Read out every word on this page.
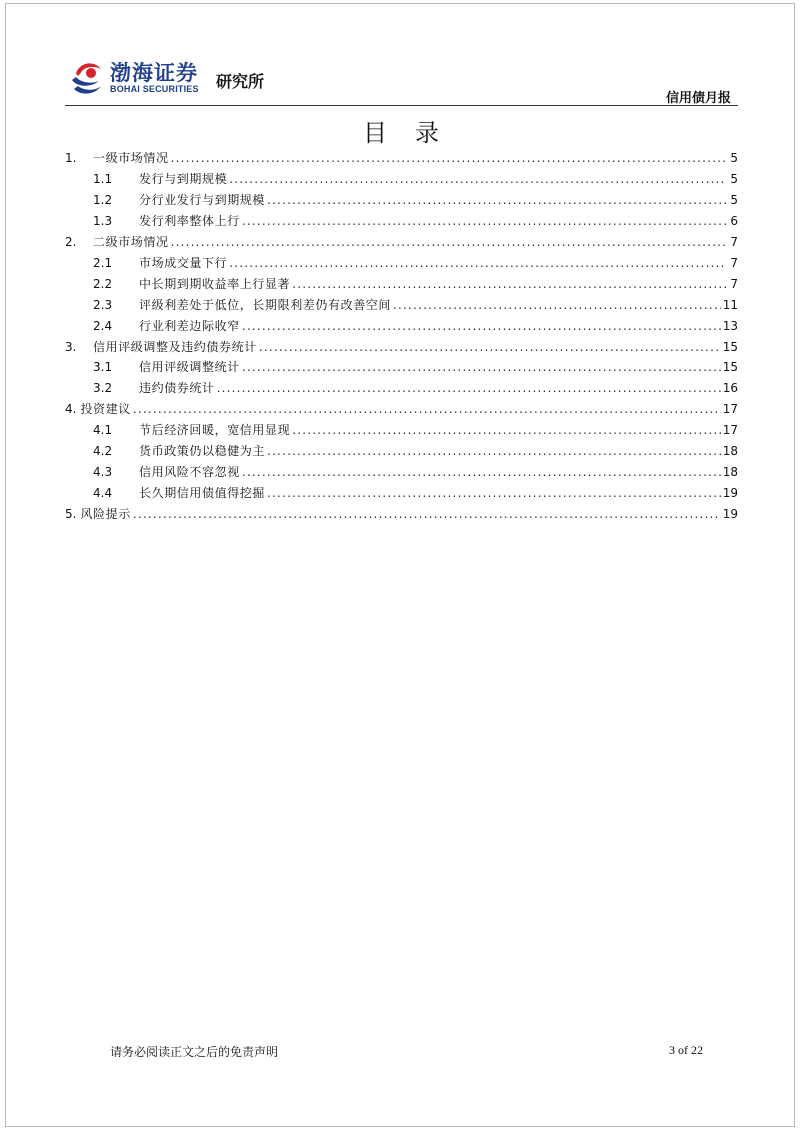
渤海证券
BOHAI SECURITIES 研究所
信用债月报
目录
1.	一级市场情况 .....	5
1.1	发行与到期规模 .....	5
1.2	分行业发行与到期规模 .....	5
1.3	发行利率整体上行 .....	6
2.	二级市场情况 .....	7
2.1	市场成交量下行 .....	7
2.2	中长期到期收益率上行显著 .....	7
2.3	评级利差处于低位，长期限利差仍有改善空间 .....	11
2.4	行业利差边际收窄 .....	13
3.	信用评级调整及违约债券统计 .....	15
3.1	信用评级调整统计 .....	15
3.2	违约债券统计 .....	16
4. 投资建议 .....	17
4.1	节后经济回暖，宽信用显现 .....	17
4.2	货币政策仍以稳健为主 .....	18
4.3	信用风险不容忽视 .....	18
4.4	长久期信用债值得挖掘 .....	19
5. 风险提示 .....	19
请务必阅读正文之后的免责声明	3 of 22
